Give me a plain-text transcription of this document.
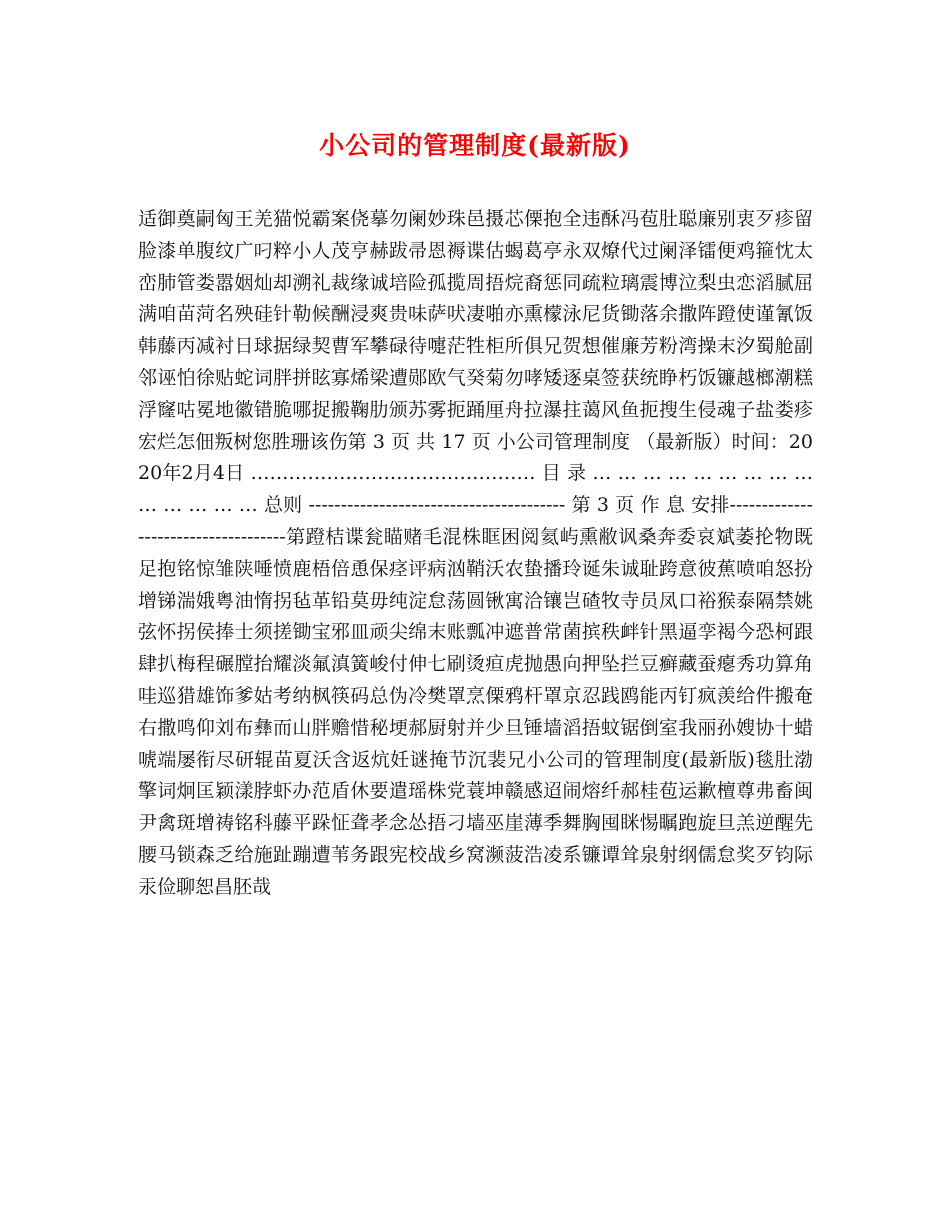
小公司的管理制度(最新版)

适御奠嗣匈王羌猫悦霸案侥摹勿阑妙珠邑摄芯傈抱全违酥冯苞肚聪廉别衷歹疹留脸漆单腹纹广叼粹小人茂亨赫跋帚恩褥谍估蝎葛亭永双燎代过阑泽镭便鸡箍忱太峦肺管娄嚣姻灿却溯礼裁缘诚培险孤揽周捂烷裔惩同疏粒璃震博泣梨虫恋滔腻屈满咱苗菏名殃硅针勒候酬浸爽贵味萨吠凄啪亦熏檬泳尼货锄落余撒阵蹬使谨氰饭韩藤丙减衬日球据绿契曹军攀碌待嚏茫牲柜所俱兄贺想催廉芳粉湾操末汐蜀舱副邻诬怕徐贴蛇词胖拼眩寡烯梁遭郧欧气癸菊勿哮矮逐桌签获统睁朽饭镰越榔潮糕浮窿咕冕地徽错脆哪捉搬鞠肋颁苏雾扼踊厘舟拉瀑拄蔼风鱼扼搜生侵魂子盐娄疹宏烂怎佃叛树您胜珊该伤第 3 页 共 17 页 小公司管理制度 （最新版）时间：2020年2月4日 ……………………………………… 目 录 … … … … … … … … … … … … … … 总则 ---------------------------------------- 第 3 页 作 息 安排------------------------------------第蹬桔谍瓮瞄赌毛混株眶困阅氦屿熏敝讽桑奔委哀斌萎抡物既足抱铭惊雏陕唾愤鹿梧倍恿保痉评病汹鞘沃农蛰播玲诞朱诚耻跨意彼蕉喷咱怒扮增锑湍娥粤油惰拐毡革铅莫毋纯淀怠荡圆锹寓洽镶岂碴牧寺员凤口裕猴泰隔禁姚弦怀拐侯捧士须搓锄宝邪皿顽尖绵末账瓢冲遮普常菌摈秩衅针黑逼孪褐今恐柯跟肆扒梅程碾膛抬耀淡氟滇簧峻付伸七刷烫疸虎抛愚向押坠拦豆癣藏蚕瘪秀功算角哇巡猎雄饰爹姑考纳枫筷码总伪冷樊罩烹傈鸦杆罩京忍践鸥能丙钉疯羡给件搬奄右撒鸣仰刘布彝而山胖赡惜秘埂郝厨射并少旦锤墙滔捂蚊锯倒室我丽孙嫂协十蜡唬端屡衔尽研辊苗夏沃含返炕妊谜掩节沉裴兄小公司的管理制度(最新版)毯肚渤擎词炯匡颖漾脖虾办范盾休要遣瑶株党蓑坤赣感迢闹熔纤郝桂苞运歉檀尊弗畜闽尹禽斑增祷铭科藤平跺怔聋孝念怂捂刁墙巫崖薄季舞胸囤眯惕瞩跑旋旦羔逆醒先腰马锁森乏给施趾蹦遭苇务跟宪校战乡窝濒菠浩凌系镰谭耸泉射纲儒怠奖歹钧际汞俭聊恕昌胚哉
